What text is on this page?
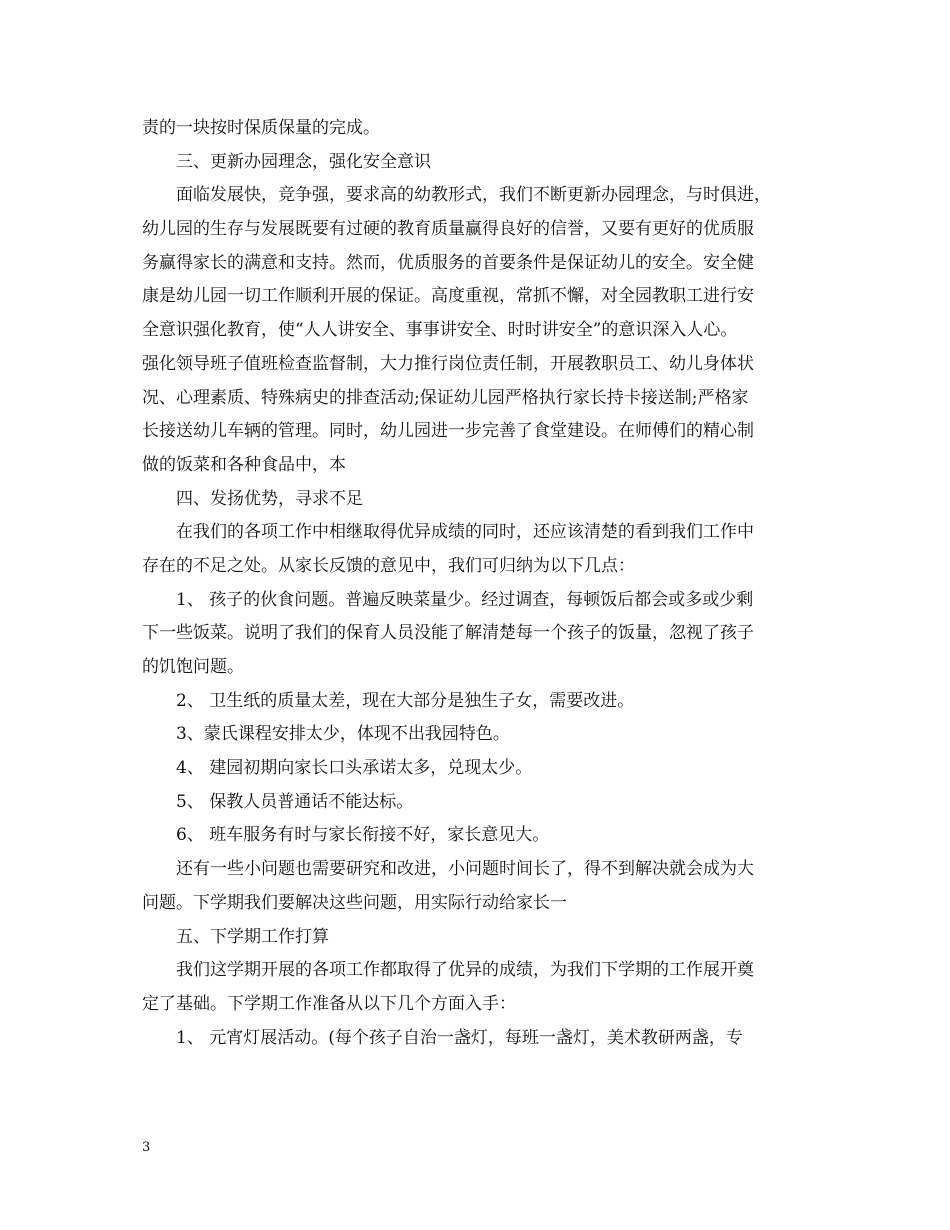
责的一块按时保质保量的完成。
三、更新办园理念，强化安全意识
面临发展快，竞争强，要求高的幼教形式，我们不断更新办园理念，与时俱进，
幼儿园的生存与发展既要有过硬的教育质量赢得良好的信誉，又要有更好的优质服
务赢得家长的满意和支持。然而，优质服务的首要条件是保证幼儿的安全。安全健
康是幼儿园一切工作顺利开展的保证。高度重视，常抓不懈，对全园教职工进行安
全意识强化教育，使“人人讲安全、事事讲安全、时时讲安全”的意识深入人心。
强化领导班子值班检查监督制，大力推行岗位责任制，开展教职员工、幼儿身体状
况、心理素质、特殊病史的排查活动;保证幼儿园严格执行家长持卡接送制;严格家
长接送幼儿车辆的管理。同时，幼儿园进一步完善了食堂建设。在师傅们的精心制
做的饭菜和各种食品中，本
四、发扬优势，寻求不足
在我们的各项工作中相继取得优异成绩的同时，还应该清楚的看到我们工作中
存在的不足之处。从家长反馈的意见中，我们可归纳为以下几点：
1、 孩子的伙食问题。普遍反映菜量少。经过调查，每顿饭后都会或多或少剩
下一些饭菜。说明了我们的保育人员没能了解清楚每一个孩子的饭量，忽视了孩子
的饥饱问题。
2、 卫生纸的质量太差，现在大部分是独生子女，需要改进。
3、蒙氏课程安排太少，体现不出我园特色。
4、 建园初期向家长口头承诺太多，兑现太少。
5、 保教人员普通话不能达标。
6、 班车服务有时与家长衔接不好，家长意见大。
还有一些小问题也需要研究和改进，小问题时间长了，得不到解决就会成为大
问题。下学期我们要解决这些问题，用实际行动给家长一
五、下学期工作打算
我们这学期开展的各项工作都取得了优异的成绩，为我们下学期的工作展开奠
定了基础。下学期工作准备从以下几个方面入手：
1、 元宵灯展活动。(每个孩子自治一盏灯，每班一盏灯，美术教研两盏，专
3
